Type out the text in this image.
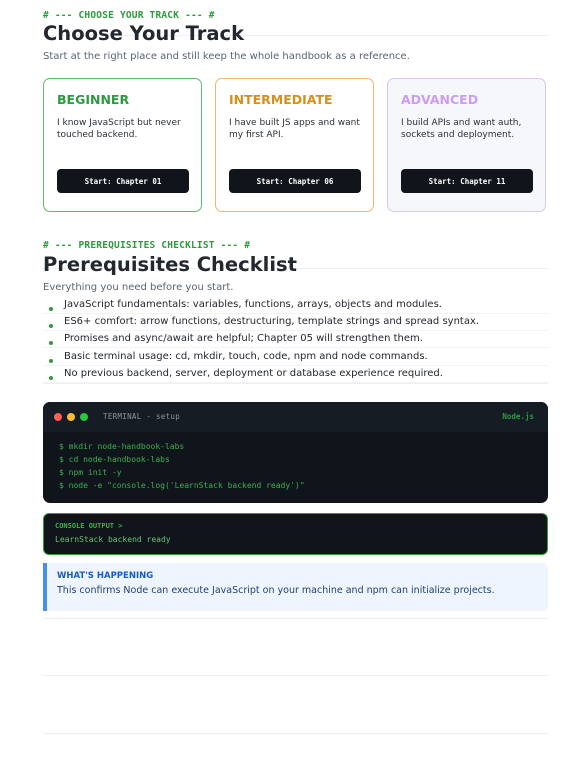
# --- CHOOSE YOUR TRACK --- #
Choose Your Track
Start at the right place and still keep the whole handbook as a reference.
BEGINNER
I know JavaScript but never touched backend.
Start: Chapter 01
INTERMEDIATE
I have built JS apps and want my first API.
Start: Chapter 06
ADVANCED
I build APIs and want auth, sockets and deployment.
Start: Chapter 11
# --- PREREQUISITES CHECKLIST --- #
Prerequisites Checklist
Everything you need before you start.
JavaScript fundamentals: variables, functions, arrays, objects and modules.
ES6+ comfort: arrow functions, destructuring, template strings and spread syntax.
Promises and async/await are helpful; Chapter 05 will strengthen them.
Basic terminal usage: cd, mkdir, touch, code, npm and node commands.
No previous backend, server, deployment or database experience required.
TERMINAL - setup	Node.js
$ mkdir node-handbook-labs
$ cd node-handbook-labs
$ npm init -y
$ node -e "console.log('LearnStack backend ready')"
CONSOLE OUTPUT >
LearnStack backend ready
WHAT'S HAPPENING
This confirms Node can execute JavaScript on your machine and npm can initialize projects.
